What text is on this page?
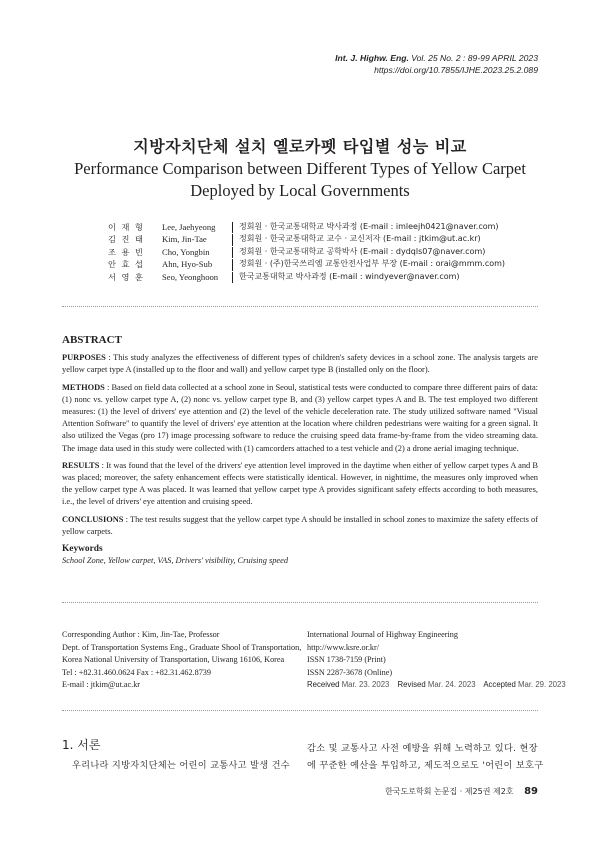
Int. J. Highw. Eng. Vol. 25 No. 2 : 89-99 APRIL 2023
https://doi.org/10.7855/IJHE.2023.25.2.089
지방자치단체 설치 옐로카펫 타입별 성능 비교
Performance Comparison between Different Types of Yellow Carpet Deployed by Local Governments
이 재 형	Lee, Jaehyeong	정회원 · 한국교통대학교 박사과정 (E-mail : imleejh0421@naver.com)
김 진 태	Kim, Jin-Tae	정회원 · 한국교통대학교 교수 · 교신저자 (E-mail : jtkim@ut.ac.kr)
조 용 빈	Cho, Yongbin	정회원 · 한국교통대학교 공학박사 (E-mail : dydqls07@naver.com)
안 효 섭	Ahn, Hyo-Sub	정회원 · (주)한국쓰리엠 교통안전사업부 부장 (E-mail : orai@mmm.com)
서 영 훈	Seo, Yeonghoon	한국교통대학교 박사과정 (E-mail : windyever@naver.com)
ABSTRACT

PURPOSES : This study analyzes the effectiveness of different types of children's safety devices in a school zone. The analysis targets are yellow carpet type A (installed up to the floor and wall) and yellow carpet type B (installed only on the floor).

METHODS : Based on field data collected at a school zone in Seoul, statistical tests were conducted to compare three different pairs of data: (1) nonc vs. yellow carpet type A, (2) nonc vs. yellow carpet type B, and (3) yellow carpet types A and B. The test employed two different measures: (1) the level of drivers' eye attention and (2) the level of the vehicle deceleration rate. The study utilized software named "Visual Attention Software" to quantify the level of drivers' eye attention at the location where children pedestrians were waiting for a green signal. It also utilized the Vegas (pro 17) image processing software to reduce the cruising speed data frame-by-frame from the video streaming data. The image data used in this study were collected with (1) camcorders attached to a test vehicle and (2) a drone aerial imaging technique.

RESULTS : It was found that the level of the drivers' eye attention level improved in the daytime when either of yellow carpet types A and B was placed; moreover, the safety enhancement effects were statistically identical. However, in nighttime, the measures only improved when the yellow carpet type A was placed. It was learned that yellow carpet type A provides significant safety effects according to both measures, i.e., the level of drivers' eye attention and cruising speed.

CONCLUSIONS : The test results suggest that the yellow carpet type A should be installed in school zones to maximize the safety effects of yellow carpets.

Keywords
School Zone, Yellow carpet, VAS, Drivers' visibility, Cruising speed
Corresponding Author : Kim, Jin-Tae, Professor
Dept. of Transportation Systems Eng., Graduate Shool of Transportation,
Korea National University of Transportation, Uiwang 16106, Korea
Tel : +82.31.460.0624 Fax : +82.31.462.8739
E-mail : jtkim@ut.ac.kr
International Journal of Highway Engineering
http://www.ksre.or.kr/
ISSN 1738-7159 (Print)
ISSN 2287-3678 (Online)
Received Mar. 23. 2023 Revised Mar. 24. 2023 Accepted Mar. 29. 2023
1. 서론
우리나라 지방자치단체는 어린이 교통사고 발생 건수
감소 및 교통사고 사전 예방을 위해 노력하고 있다. 현장
에 꾸준한 예산을 투입하고, 제도적으로도 '어린이 보호구
한국도로학회 논문집 · 제25권 제2호 89
